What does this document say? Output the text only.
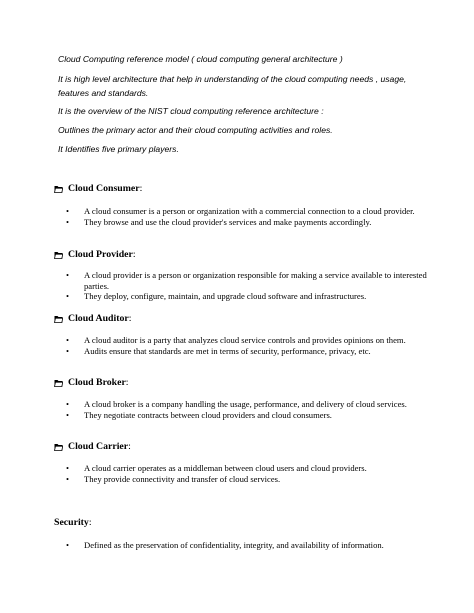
Cloud Computing reference model ( cloud computing general architecture )
It is high level architecture that help in understanding of the cloud computing needs , usage, features and standards.
It is the overview of the NIST cloud computing reference architecture :
Outlines the primary actor and their cloud computing activities and roles.
It Identifies five primary players.
Cloud Consumer :
• A cloud consumer is a person or organization with a commercial connection to a cloud provider.
• They browse and use the cloud provider's services and make payments accordingly.
Cloud Provider :
• A cloud provider is a person or organization responsible for making a service available to interested parties.
• They deploy, configure, maintain, and upgrade cloud software and infrastructures.
Cloud Auditor :
• A cloud auditor is a party that analyzes cloud service controls and provides opinions on them.
• Audits ensure that standards are met in terms of security, performance, privacy, etc.
Cloud Broker :
• A cloud broker is a company handling the usage, performance, and delivery of cloud services.
• They negotiate contracts between cloud providers and cloud consumers.
Cloud Carrier :
• A cloud carrier operates as a middleman between cloud users and cloud providers.
• They provide connectivity and transfer of cloud services.
Security:
• Defined as the preservation of confidentiality, integrity, and availability of information.
